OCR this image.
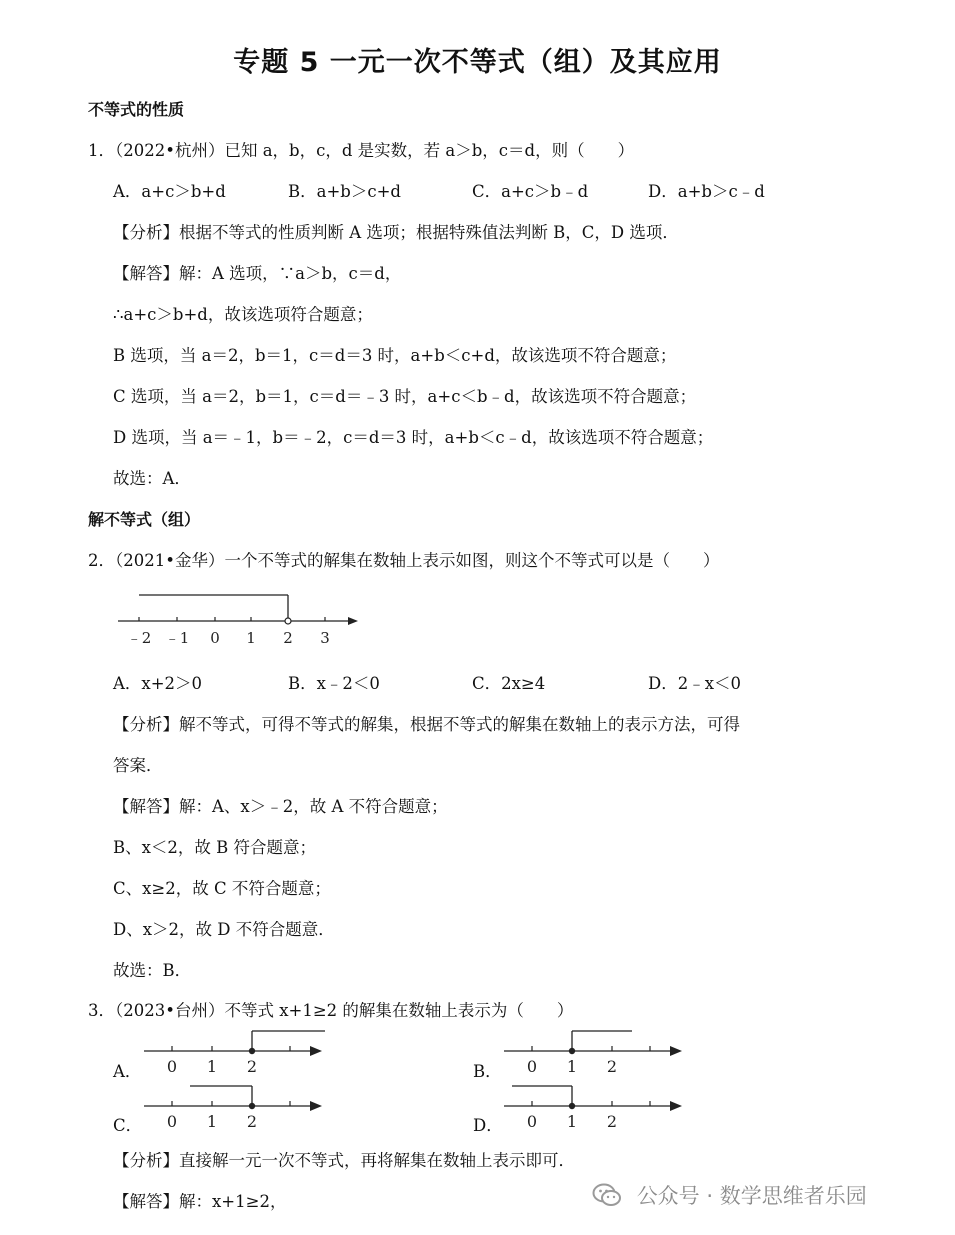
专题 5 一元一次不等式（组）及其应用
不等式的性质
1．（2022•杭州）已知 a，b，c，d 是实数，若 a＞b，c＝d，则（　　）
A．a+c＞b+d	B．a+b＞c+d	C．a+c＞b﹣d	D．a+b＞c﹣d
【分析】根据不等式的性质判断 A 选项；根据特殊值法判断 B，C，D 选项．
【解答】解：A 选项，∵a＞b，c＝d，
∴a+c＞b+d，故该选项符合题意；
B 选项，当 a＝2，b＝1，c＝d＝3 时，a+b＜c+d，故该选项不符合题意；
C 选项，当 a＝2，b＝1，c＝d＝﹣3 时，a+c＜b﹣d，故该选项不符合题意；
D 选项，当 a＝﹣1，b＝﹣2，c＝d＝3 时，a+b＜c﹣d，故该选项不符合题意；
故选：A．
解不等式（组）
2．（2021•金华）一个不等式的解集在数轴上表示如图，则这个不等式可以是（　　）
﹣2 ﹣1 0 1 2 3
A．x+2＞0	B．x﹣2＜0	C．2x≥4	D．2﹣x＜0
【分析】解不等式，可得不等式的解集，根据不等式的解集在数轴上的表示方法，可得
答案．
【解答】解：A、x＞﹣2，故 A 不符合题意；
B、x＜2，故 B 符合题意；
C、x≥2，故 C 不符合题意；
D、x＞2，故 D 不符合题意．
故选：B．
3．（2023•台州）不等式 x+1≥2 的解集在数轴上表示为（　　）
A． 0 1 2	B． 0 1 2
C． 0 1 2	D． 0 1 2
【分析】直接解一元一次不等式，再将解集在数轴上表示即可．
【解答】解：x+1≥2，	公众号 · 数学思维者乐园
